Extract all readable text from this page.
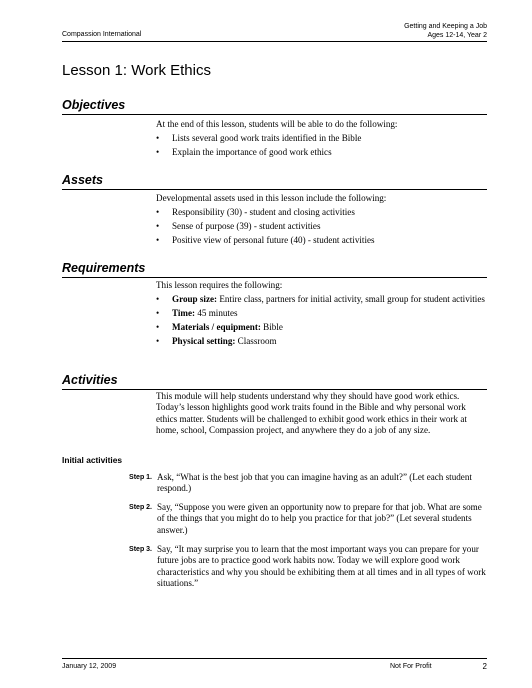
Compassion International
Getting and Keeping a Job
Ages 12-14, Year 2
Lesson 1: Work Ethics
Objectives
At the end of this lesson, students will be able to do the following:
• Lists several good work traits identified in the Bible
• Explain the importance of good work ethics
Assets
Developmental assets used in this lesson include the following:
• Responsibility (30) - student and closing activities
• Sense of purpose (39) - student activities
• Positive view of personal future (40) - student activities
Requirements
This lesson requires the following:
• Group size: Entire class, partners for initial activity, small group for student activities
• Time: 45 minutes
• Materials / equipment: Bible
• Physical setting: Classroom
Activities
This module will help students understand why they should have good work ethics. Today’s lesson highlights good work traits found in the Bible and why personal work ethics matter. Students will be challenged to exhibit good work ethics in their work at home, school, Compassion project, and anywhere they do a job of any size.
Initial activities
Step 1. Ask, “What is the best job that you can imagine having as an adult?” (Let each student respond.)
Step 2. Say, “Suppose you were given an opportunity now to prepare for that job. What are some of the things that you might do to help you practice for that job?” (Let several students answer.)
Step 3. Say, “It may surprise you to learn that the most important ways you can prepare for your future jobs are to practice good work habits now. Today we will explore good work characteristics and why you should be exhibiting them at all times and in all types of work situations.”
January 12, 2009	Not For Profit	2
